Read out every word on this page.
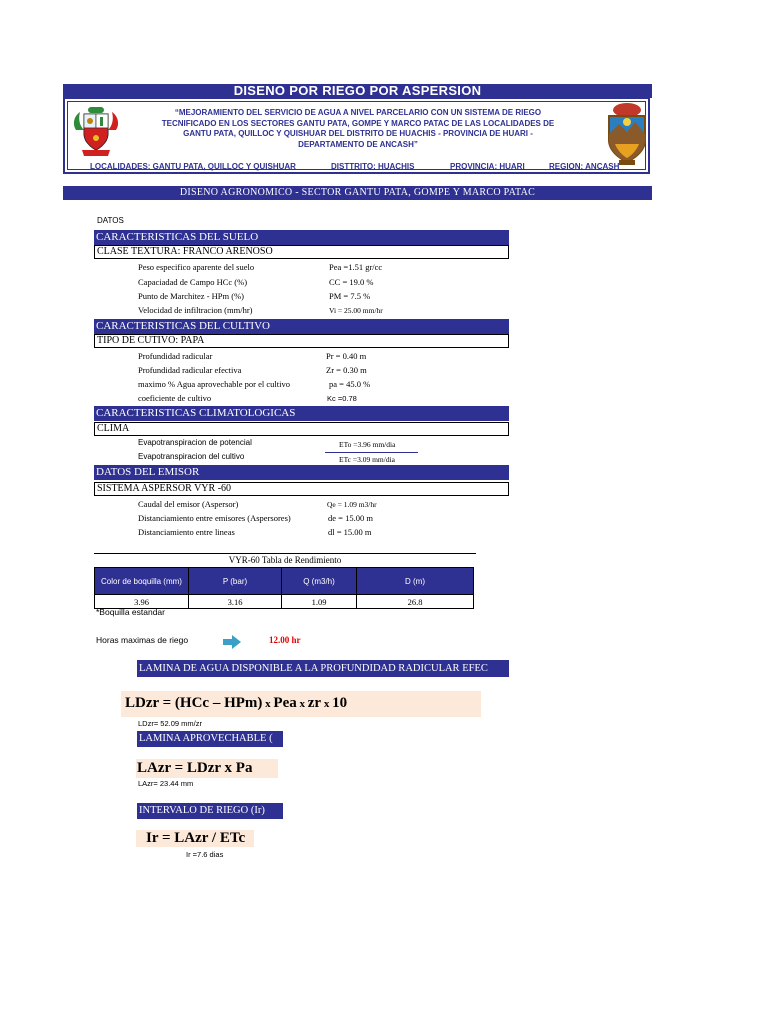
DISENO POR RIEGO POR ASPERSION
“MEJORAMIENTO DEL SERVICIO DE AGUA A NIVEL PARCELARIO CON UN SISTEMA DE RIEGO
TECNIFICADO EN LOS SECTORES GANTU PATA, GOMPE Y MARCO PATAC DE LAS LOCALIDADES DE
GANTU PATA, QUILLOC Y QUISHUAR DEL DISTRITO DE HUACHIS - PROVINCIA DE HUARI -
DEPARTAMENTO DE ANCASH”
LOCALIDADES: GANTU PATA, QUILLOC Y QUISHUAR	DISTTRITO: HUACHIS	PROVINCIA: HUARI	REGION: ANCASH
DISENO AGRONOMICO - SECTOR GANTU PATA, GOMPE Y MARCO PATAC
DATOS
CARACTERISTICAS DEL SUELO
CLASE TEXTURA: FRANCO ARENOSO
Peso especifico aparente del suelo	Pea =1.51 gr/cc
Capaciadad de Campo HCc (%)	CC = 19.0 %
Punto de Marchitez - HPm (%)	PM = 7.5 %
Velocidad de infiltracion (mm/hr)	Vi = 25.00 mm/hr
CARACTERISTICAS DEL CULTIVO
TIPO DE CUTIVO: PAPA
Profundidad radicular	Pr = 0.40 m
Profundidad radicular efectiva	Zr = 0.30 m
maximo % Agua aprovechable por el cultivo	pa = 45.0 %
coeficiente de cultivo	Kc =0.78
CARACTERISTICAS CLIMATOLOGICAS
CLIMA
Evapotranspiracion de potencial	ETo =3.96 mm/dia
Evapotranspiracion del cultivo	ETc =3.09 mm/dia
DATOS DEL EMISOR
SISTEMA ASPERSOR VYR -60
Caudal del emisor (Aspersor)	Qe = 1.09 m3/hr
Distanciamiento entre emisores (Aspersores)	de = 15.00 m
Distanciamiento entre lineas	dl = 15.00 m
VYR-60 Tabla de Rendimiento
Color de boquilla (mm)	P (bar)	Q (m3/h)	D (m)
3.96	3.16	1.09	26.8
*Boquilla estandar
Horas maximas de riego	12.00 hr
LAMINA DE AGUA DISPONIBLE A LA PROFUNDIDAD RADICULAR EFEC
LDzr = (HCc – HPm) x Pea x zr x 10
LDzr= 52.09 mm/zr
LAMINA APROVECHABLE (
LAzr = LDzr x Pa
LAzr= 23.44 mm
INTERVALO DE RIEGO (Ir)
Ir = LAzr / ETc
Ir =7.6 dias
